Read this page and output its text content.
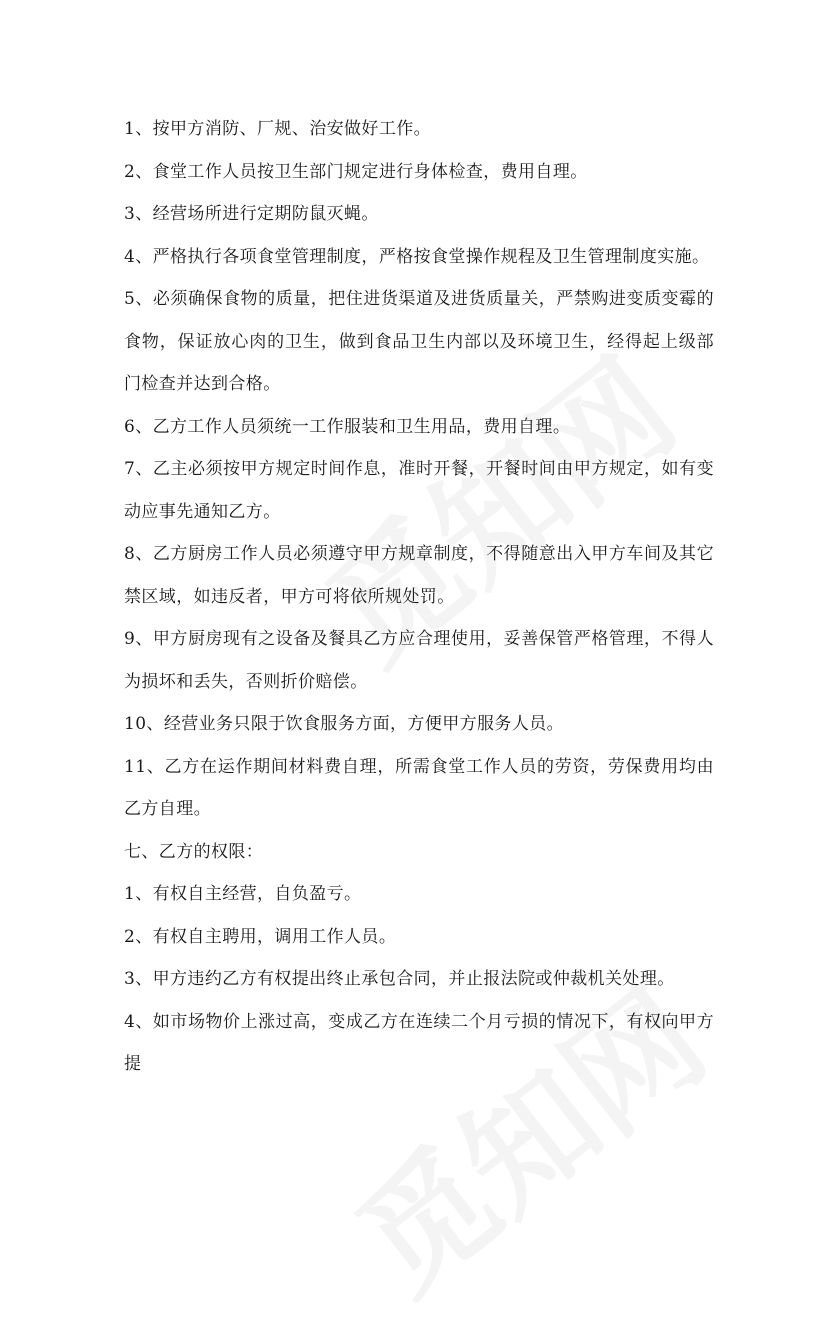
1、按甲方消防、厂规、治安做好工作。

2、食堂工作人员按卫生部门规定进行身体检查，费用自理。

3、经营场所进行定期防鼠灭蝇。

4、严格执行各项食堂管理制度，严格按食堂操作规程及卫生管理制度实施。

5、必须确保食物的质量，把住进货渠道及进货质量关，严禁购进变质变霉的食物，保证放心肉的卫生，做到食品卫生内部以及环境卫生，经得起上级部门检查并达到合格。

6、乙方工作人员须统一工作服装和卫生用品，费用自理。

7、乙主必须按甲方规定时间作息，准时开餐，开餐时间由甲方规定，如有变动应事先通知乙方。

8、乙方厨房工作人员必须遵守甲方规章制度，不得随意出入甲方车间及其它禁区域，如违反者，甲方可将依所规处罚。

9、甲方厨房现有之设备及餐具乙方应合理使用，妥善保管严格管理，不得人为损坏和丢失，否则折价赔偿。

10、经营业务只限于饮食服务方面，方便甲方服务人员。

11、乙方在运作期间材料费自理，所需食堂工作人员的劳资，劳保费用均由乙方自理。

七、乙方的权限：

1、有权自主经营，自负盈亏。

2、有权自主聘用，调用工作人员。

3、甲方违约乙方有权提出终止承包合同，并止报法院或仲裁机关处理。

4、如市场物价上涨过高，变成乙方在连续二个月亏损的情况下，有权向甲方提
